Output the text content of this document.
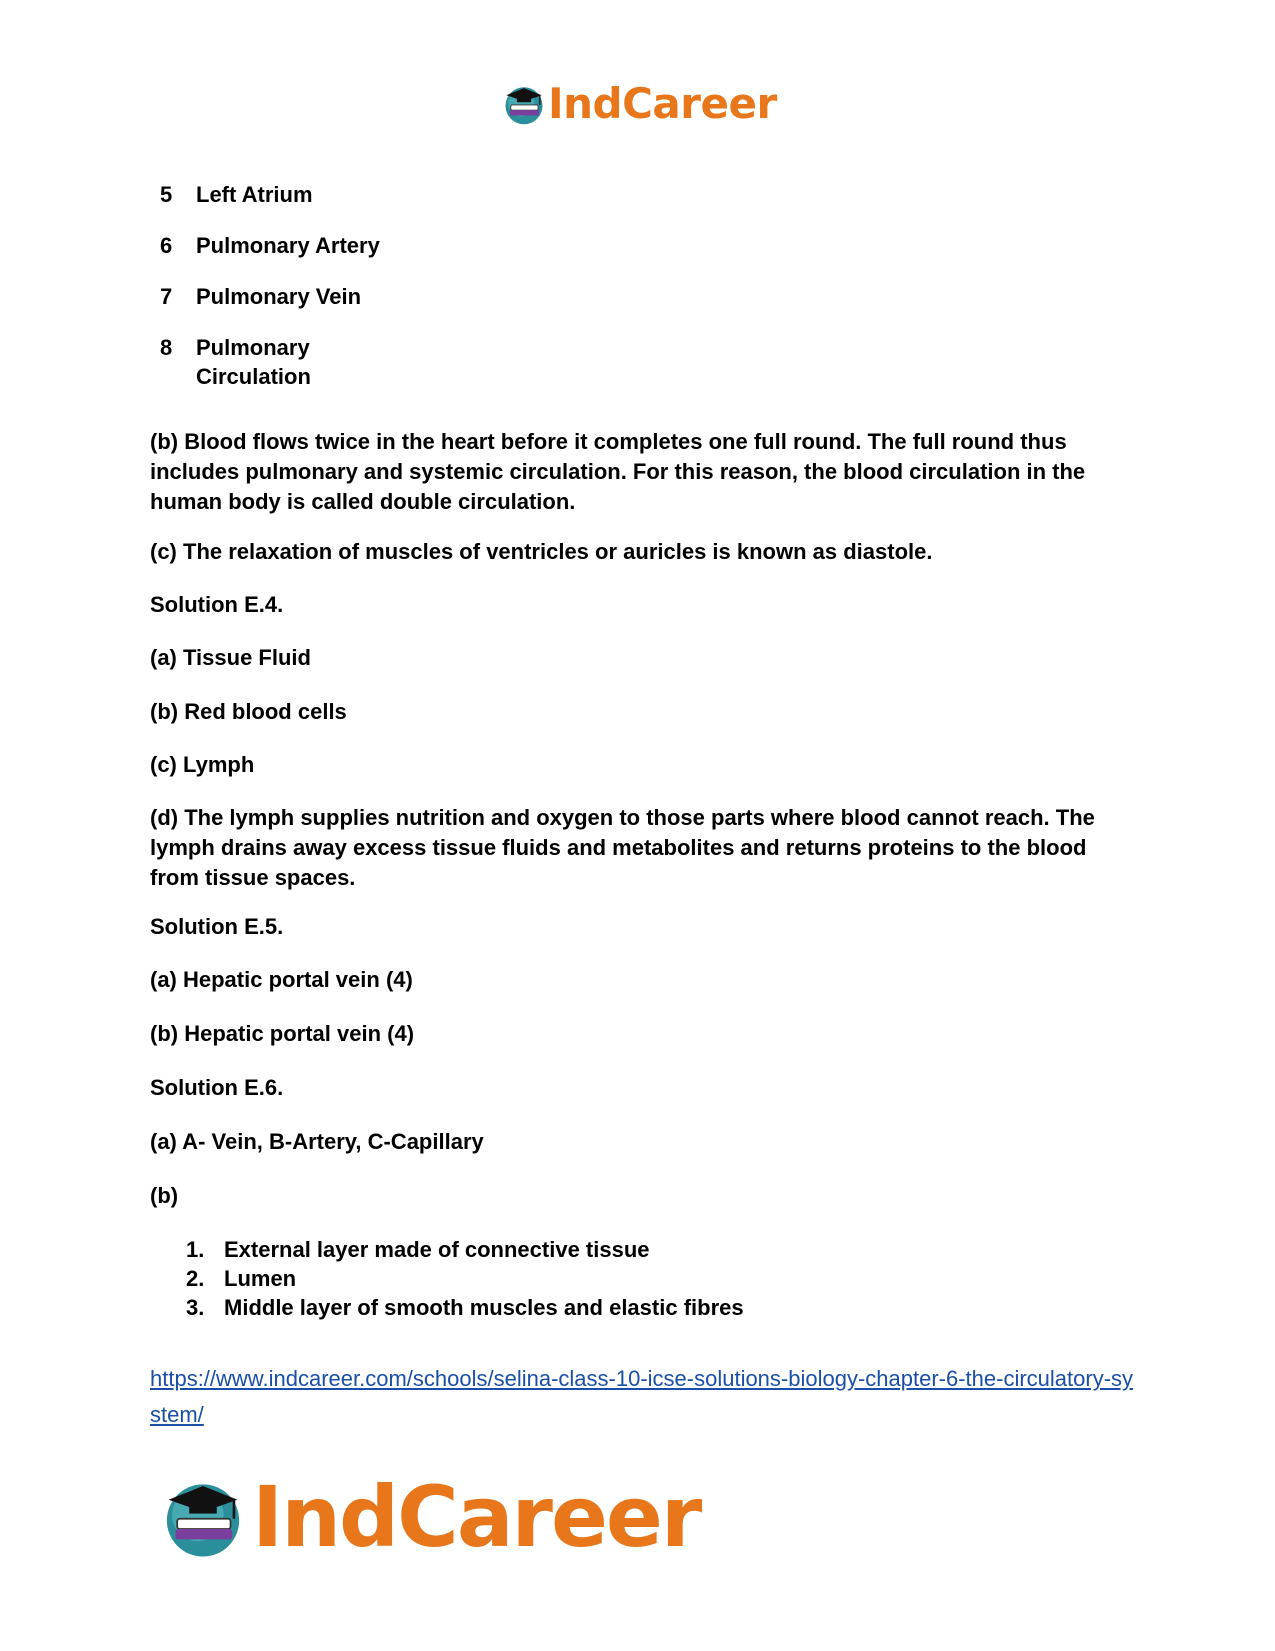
IndCareer
5 Left Atrium
6 Pulmonary Artery
7 Pulmonary Vein
8 Pulmonary
Circulation
(b) Blood flows twice in the heart before it completes one full round. The full round thus includes pulmonary and systemic circulation. For this reason, the blood circulation in the human body is called double circulation.
(c) The relaxation of muscles of ventricles or auricles is known as diastole.
Solution E.4.
(a) Tissue Fluid
(b) Red blood cells
(c) Lymph
(d) The lymph supplies nutrition and oxygen to those parts where blood cannot reach. The lymph drains away excess tissue fluids and metabolites and returns proteins to the blood from tissue spaces.
Solution E.5.
(a) Hepatic portal vein (4)
(b) Hepatic portal vein (4)
Solution E.6.
(a) A- Vein, B-Artery, C-Capillary
(b)
1. External layer made of connective tissue
2. Lumen
3. Middle layer of smooth muscles and elastic fibres
https://www.indcareer.com/schools/selina-class-10-icse-solutions-biology-chapter-6-the-circulatory-system/
IndCareer
